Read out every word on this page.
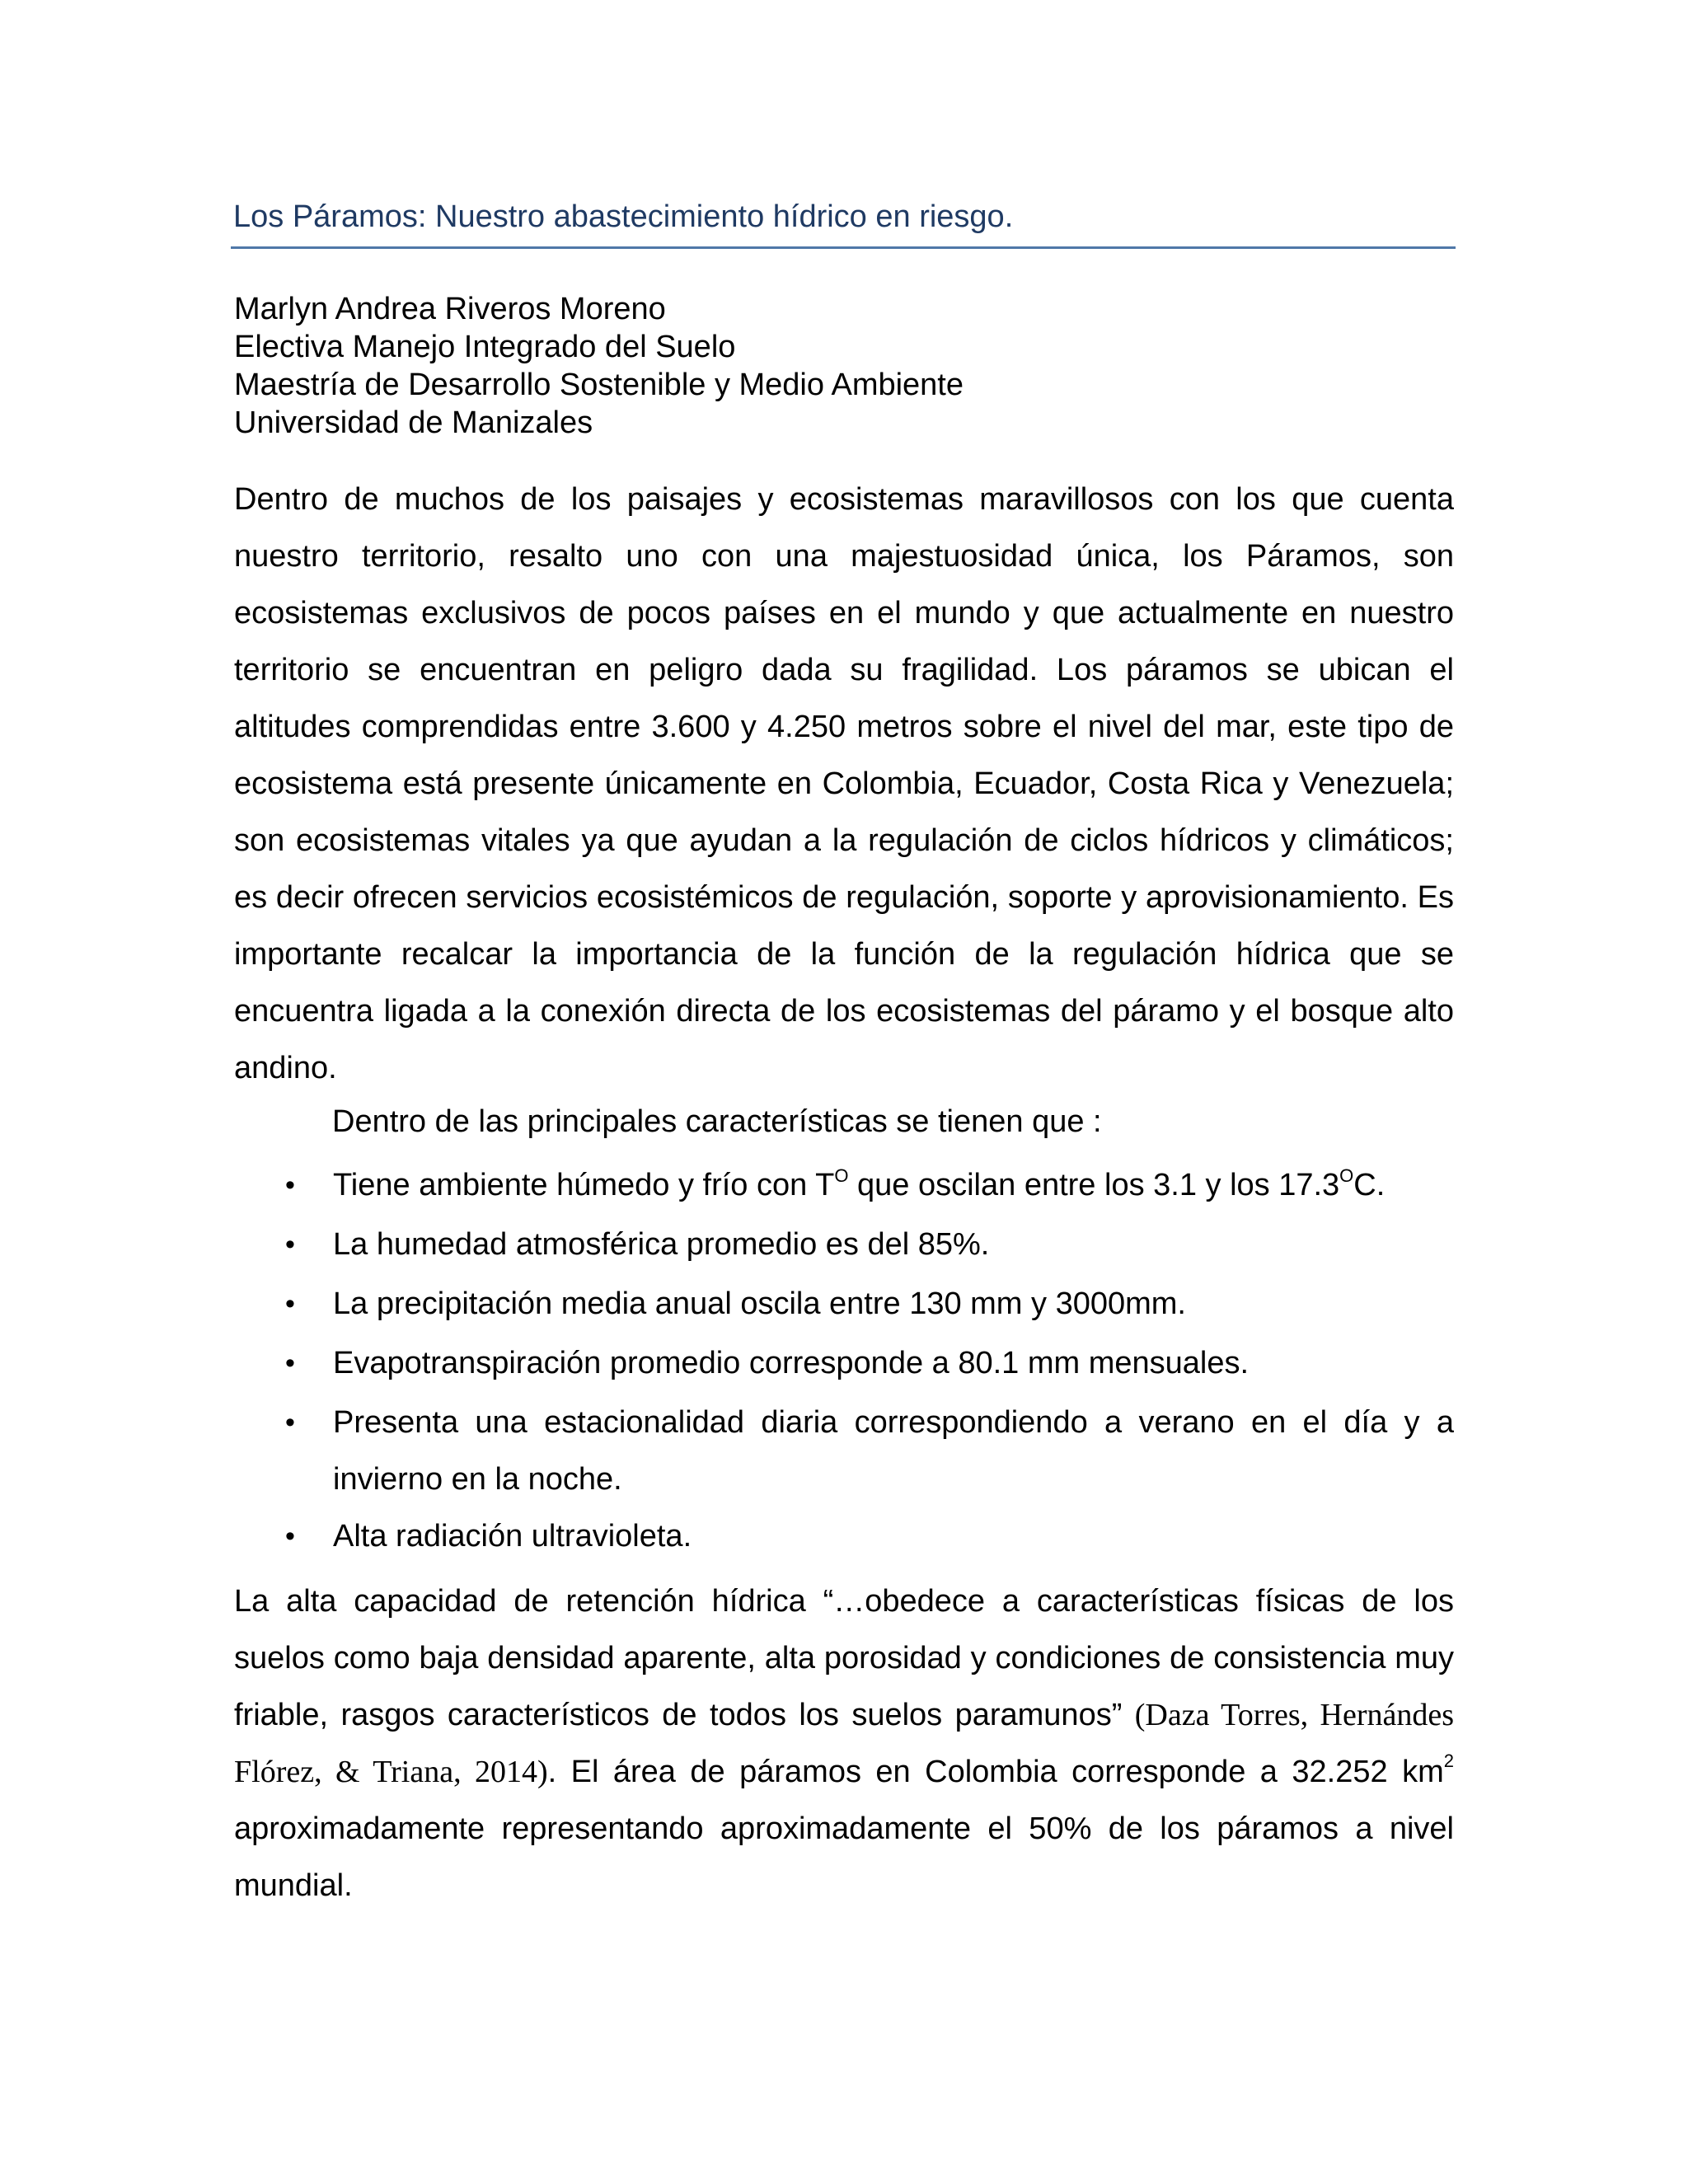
Los Páramos: Nuestro abastecimiento hídrico en riesgo.
Marlyn Andrea Riveros Moreno
Electiva Manejo Integrado del Suelo
Maestría de Desarrollo Sostenible y Medio Ambiente
Universidad de Manizales

Dentro de muchos de los paisajes y ecosistemas maravillosos con los que cuenta nuestro territorio, resalto uno con una majestuosidad única, los Páramos, son ecosistemas exclusivos de pocos países en el mundo y que actualmente en nuestro territorio se encuentran en peligro dada su fragilidad. Los páramos se ubican el altitudes comprendidas entre 3.600 y 4.250 metros sobre el nivel del mar, este tipo de ecosistema está presente únicamente en Colombia, Ecuador, Costa Rica y Venezuela; son ecosistemas vitales ya que ayudan a la regulación de ciclos hídricos y climáticos; es decir ofrecen servicios ecosistémicos de regulación, soporte y aprovisionamiento. Es importante recalcar la importancia de la función de la regulación hídrica que se encuentra ligada a la conexión directa de los ecosistemas del páramo y el bosque alto andino.

Dentro de las principales características se tienen que :
• Tiene ambiente húmedo y frío con $T^O$ que oscilan entre los 3.1 y los $17.3^OC$.
• La humedad atmosférica promedio es del 85%.
• La precipitación media anual oscila entre 130 mm y 3000mm.
• Evapotranspiración promedio corresponde a 80.1 mm mensuales.
• Presenta una estacionalidad diaria correspondiendo a verano en el día y a invierno en la noche.
• Alta radiación ultravioleta.

La alta capacidad de retención hídrica “…obedece a características físicas de los suelos como baja densidad aparente, alta porosidad y condiciones de consistencia muy friable, rasgos característicos de todos los suelos paramunos” (Daza Torres, Hernándes Flórez, & Triana, 2014). El área de páramos en Colombia corresponde a 32.252 $km^2$ aproximadamente representando aproximadamente el 50% de los páramos a nivel mundial.
